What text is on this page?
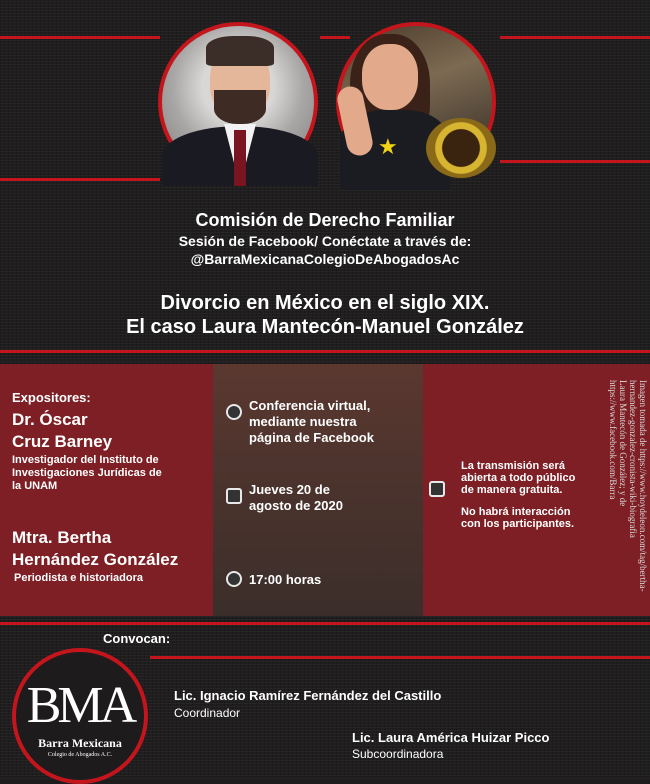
★
Comisión de Derecho Familiar
Sesión de Facebook/ Conéctate a través de:
@BarraMexicanaColegioDeAbogadosAc
Divorcio en México en el siglo XIX.
El caso Laura Mantecón-Manuel González
Expositores:
Dr. Óscar
Cruz Barney
Investigador del Instituto de
Investigaciones Jurídicas de
la UNAM
Mtra. Bertha
Hernández González
Periodista e historiadora
Conferencia virtual,
mediante nuestra
página de Facebook
Jueves 20 de
agosto de 2020
17:00 horas
La transmisión será
abierta a todo público
de manera gratuita.
No habrá interacción
con los participantes.	Imagen tomada de https://www.hoydeleon.com/tag/bertha-hernandez-gonzalez-cronista-wiki-biografia
Laura Mantecón de González; y de https://www.facebook.com/Barra
Convocan:
BMA
Barra Mexicana
Colegio de Abogados A.C.
Lic. Ignacio Ramírez Fernández del Castillo
Coordinador
Lic. Laura América Huizar Picco
Subcoordinadora
